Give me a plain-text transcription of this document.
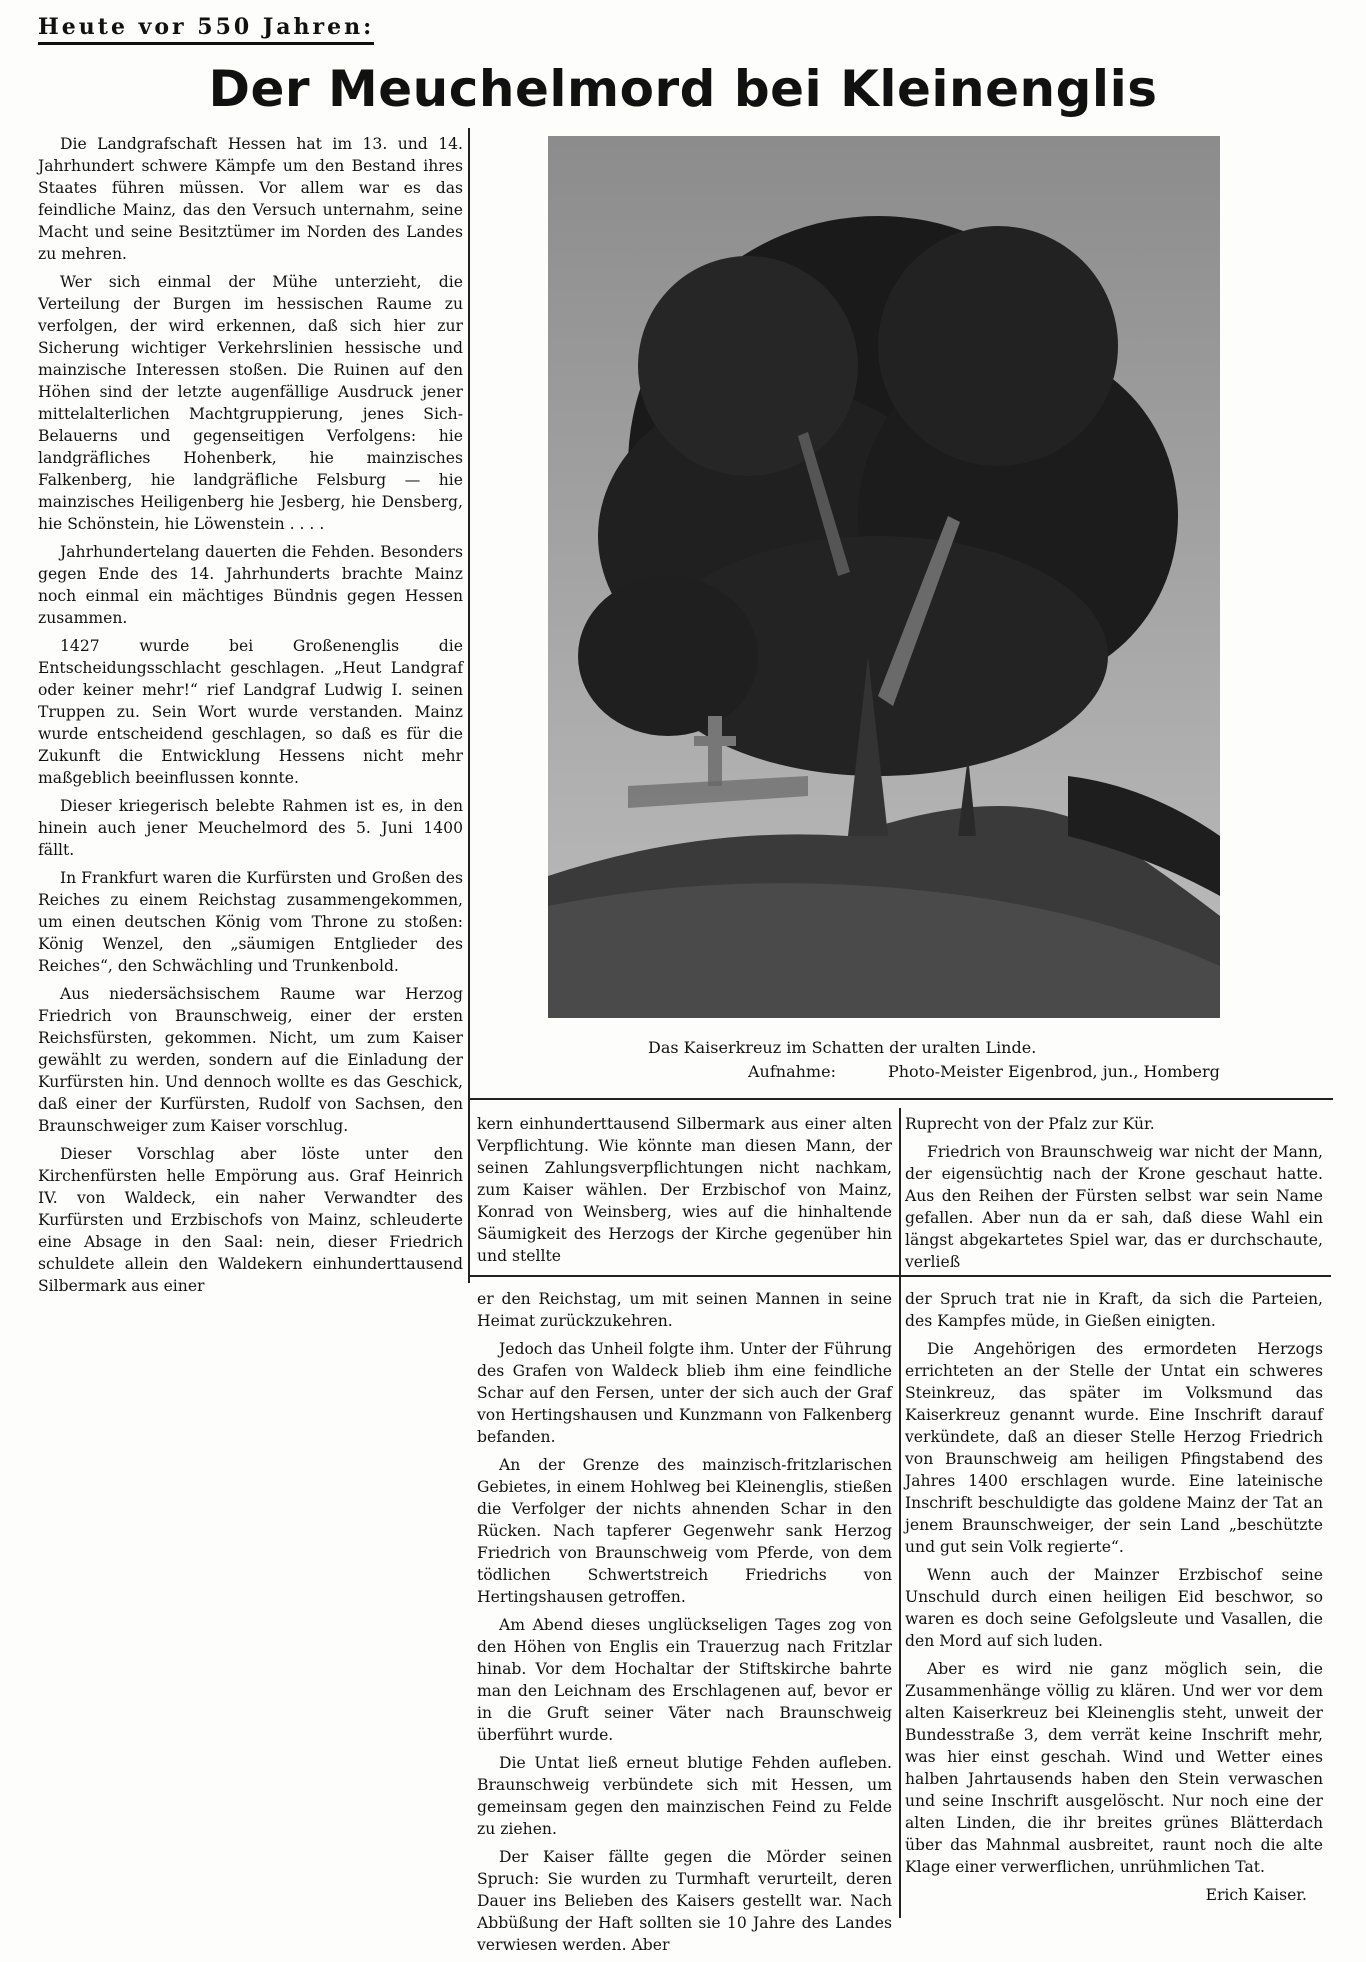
Heute vor 550 Jahren:
Der Meuchelmord bei Kleinenglis

Die Landgrafschaft Hessen hat im 13. und 14. Jahrhundert schwere Kämpfe um den Bestand ihres Staates führen müssen. Vor allem war es das feindliche Mainz, das den Versuch unternahm, seine Macht und seine Besitztümer im Norden des Landes zu mehren.

Wer sich einmal der Mühe unterzieht, die Verteilung der Burgen im hessischen Raume zu verfolgen, der wird erkennen, daß sich hier zur Sicherung wichtiger Verkehrslinien hessische und mainzische Interessen stoßen. Die Ruinen auf den Höhen sind der letzte augenfällige Ausdruck jener mittelalterlichen Machtgruppierung, jenes Sich-Belauerns und gegenseitigen Verfolgens: hie landgräfliches Hohenberk, hie mainzisches Falkenberg, hie landgräfliche Felsburg — hie mainzisches Heiligenberg hie Jesberg, hie Densberg, hie Schönstein, hie Löwenstein . . . .

Jahrhundertelang dauerten die Fehden. Besonders gegen Ende des 14. Jahrhunderts brachte Mainz noch einmal ein mächtiges Bündnis gegen Hessen zusammen.

1427 wurde bei Großenenglis die Entscheidungsschlacht geschlagen. „Heut Landgraf oder keiner mehr!“ rief Landgraf Ludwig I. seinen Truppen zu. Sein Wort wurde verstanden. Mainz wurde entscheidend geschlagen, so daß es für die Zukunft die Entwicklung Hessens nicht mehr maßgeblich beeinflussen konnte.

Dieser kriegerisch belebte Rahmen ist es, in den hinein auch jener Meuchelmord des 5. Juni 1400 fällt.

In Frankfurt waren die Kurfürsten und Großen des Reiches zu einem Reichstag zusammengekommen, um einen deutschen König vom Throne zu stoßen: König Wenzel, den „säumigen Entglieder des Reiches“, den Schwächling und Trunkenbold.

Aus niedersächsischem Raume war Herzog Friedrich von Braunschweig, einer der ersten Reichsfürsten, gekommen. Nicht, um zum Kaiser gewählt zu werden, sondern auf die Einladung der Kurfürsten hin. Und dennoch wollte es das Geschick, daß einer der Kurfürsten, Rudolf von Sachsen, den Braunschweiger zum Kaiser vorschlug.

Dieser Vorschlag aber löste unter den Kirchenfürsten helle Empörung aus. Graf Heinrich IV. von Waldeck, ein naher Verwandter des Kurfürsten und Erzbischofs von Mainz, schleuderte eine Absage in den Saal: nein, dieser Friedrich schuldete allein den Waldekern einhunderttausend Silbermark aus einer

Das Kaiserkreuz im Schatten der uralten Linde.
Aufnahme:	Photo-Meister Eigenbrod, jun., Homberg

kern einhunderttausend Silbermark aus einer alten Verpflichtung. Wie könnte man diesen Mann, der seinen Zahlungsverpflichtungen nicht nachkam, zum Kaiser wählen. Der Erzbischof von Mainz, Konrad von Weinsberg, wies auf die hinhaltende Säumigkeit des Herzogs der Kirche gegenüber hin und stellte

Ruprecht von der Pfalz zur Kür.

Friedrich von Braunschweig war nicht der Mann, der eigensüchtig nach der Krone geschaut hatte. Aus den Reihen der Fürsten selbst war sein Name gefallen. Aber nun da er sah, daß diese Wahl ein längst abgekartetes Spiel war, das er durchschaute, verließ

er den Reichstag, um mit seinen Mannen in seine Heimat zurückzukehren.

Jedoch das Unheil folgte ihm. Unter der Führung des Grafen von Waldeck blieb ihm eine feindliche Schar auf den Fersen, unter der sich auch der Graf von Hertingshausen und Kunzmann von Falkenberg befanden.

An der Grenze des mainzisch-fritzlarischen Gebietes, in einem Hohlweg bei Kleinenglis, stießen die Verfolger der nichts ahnenden Schar in den Rücken. Nach tapferer Gegenwehr sank Herzog Friedrich von Braunschweig vom Pferde, von dem tödlichen Schwertstreich Friedrichs von Hertingshausen getroffen.

Am Abend dieses unglückseligen Tages zog von den Höhen von Englis ein Trauerzug nach Fritzlar hinab. Vor dem Hochaltar der Stiftskirche bahrte man den Leichnam des Erschlagenen auf, bevor er in die Gruft seiner Väter nach Braunschweig überführt wurde.

Die Untat ließ erneut blutige Fehden aufleben. Braunschweig verbündete sich mit Hessen, um gemeinsam gegen den mainzischen Feind zu Felde zu ziehen.

Der Kaiser fällte gegen die Mörder seinen Spruch: Sie wurden zu Turmhaft verurteilt, deren Dauer ins Belieben des Kaisers gestellt war. Nach Abbüßung der Haft sollten sie 10 Jahre des Landes verwiesen werden. Aber

der Spruch trat nie in Kraft, da sich die Parteien, des Kampfes müde, in Gießen einigten.

Die Angehörigen des ermordeten Herzogs errichteten an der Stelle der Untat ein schweres Steinkreuz, das später im Volksmund das Kaiserkreuz genannt wurde. Eine Inschrift darauf verkündete, daß an dieser Stelle Herzog Friedrich von Braunschweig am heiligen Pfingstabend des Jahres 1400 erschlagen wurde. Eine lateinische Inschrift beschuldigte das goldene Mainz der Tat an jenem Braunschweiger, der sein Land „beschützte und gut sein Volk regierte“.

Wenn auch der Mainzer Erzbischof seine Unschuld durch einen heiligen Eid beschwor, so waren es doch seine Gefolgsleute und Vasallen, die den Mord auf sich luden.

Aber es wird nie ganz möglich sein, die Zusammenhänge völlig zu klären. Und wer vor dem alten Kaiserkreuz bei Kleinenglis steht, unweit der Bundesstraße 3, dem verrät keine Inschrift mehr, was hier einst geschah. Wind und Wetter eines halben Jahrtausends haben den Stein verwaschen und seine Inschrift ausgelöscht. Nur noch eine der alten Linden, die ihr breites grünes Blätterdach über das Mahnmal ausbreitet, raunt noch die alte Klage einer verwerflichen, unrühmlichen Tat.

Erich Kaiser.
